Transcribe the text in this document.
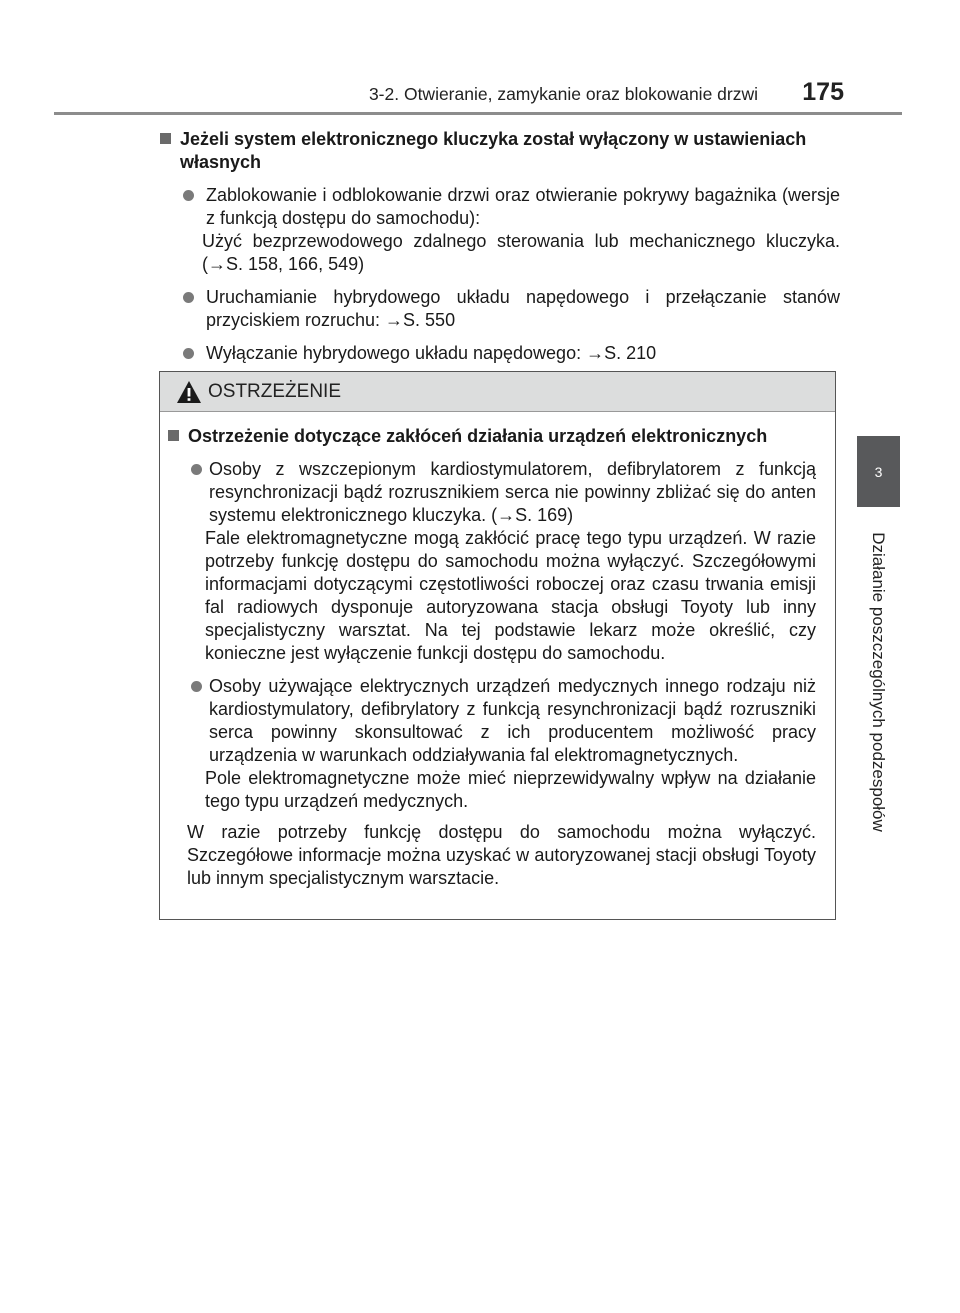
3-2. Otwieranie, zamykanie oraz blokowanie drzwi 175
3
Działanie poszczególnych podzespołów
Jeżeli system elektronicznego kluczyka został wyłączony w ustawieniach własnych
Zablokowanie i odblokowanie drzwi oraz otwieranie pokrywy bagażnika (wersje z funkcją dostępu do samochodu):
Użyć bezprzewodowego zdalnego sterowania lub mechanicznego kluczyka. (→S. 158, 166, 549)
Uruchamianie hybrydowego układu napędowego i przełączanie stanów przyciskiem rozruchu: →S. 550
Wyłączanie hybrydowego układu napędowego: →S. 210
OSTRZEŻENIE
Ostrzeżenie dotyczące zakłóceń działania urządzeń elektronicznych
Osoby z wszczepionym kardiostymulatorem, defibrylatorem z funkcją resynchronizacji bądź rozrusznikiem serca nie powinny zbliżać się do anten systemu elektronicznego kluczyka. (→S. 169)
Fale elektromagnetyczne mogą zakłócić pracę tego typu urządzeń. W razie potrzeby funkcję dostępu do samochodu można wyłączyć. Szczegółowymi informacjami dotyczącymi częstotliwości roboczej oraz czasu trwania emisji fal radiowych dysponuje autoryzowana stacja obsługi Toyoty lub inny specjalistyczny warsztat. Na tej podstawie lekarz może określić, czy konieczne jest wyłączenie funkcji dostępu do samochodu.
Osoby używające elektrycznych urządzeń medycznych innego rodzaju niż kardiostymulatory, defibrylatory z funkcją resynchronizacji bądź rozruszniki serca powinny skonsultować z ich producentem możliwość pracy urządzenia w warunkach oddziaływania fal elektromagnetycznych.
Pole elektromagnetyczne może mieć nieprzewidywalny wpływ na działanie tego typu urządzeń medycznych.
W razie potrzeby funkcję dostępu do samochodu można wyłączyć. Szczegółowe informacje można uzyskać w autoryzowanej stacji obsługi Toyoty lub innym specjalistycznym warsztacie.
